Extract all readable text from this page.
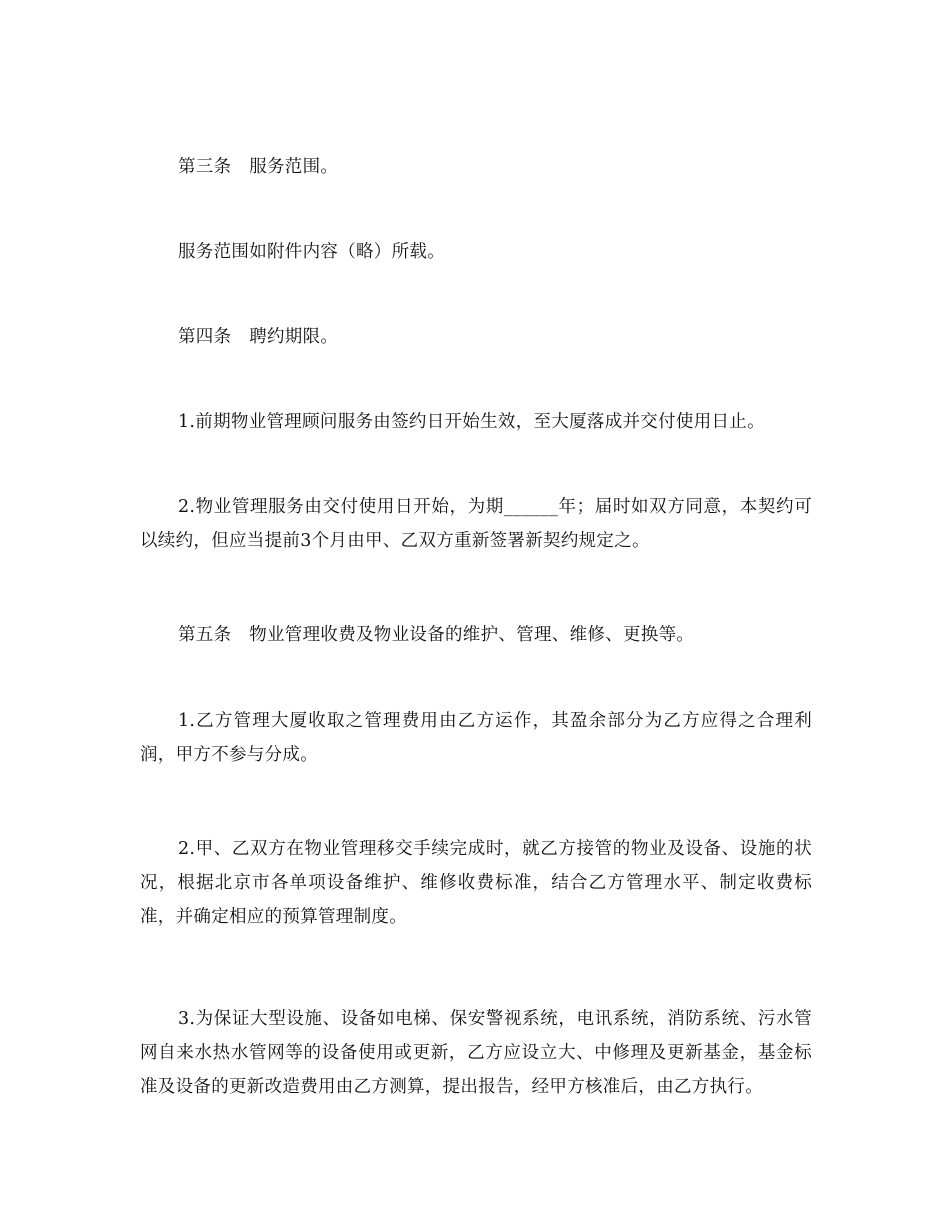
第三条　服务范围。

服务范围如附件内容（略）所载。

第四条　聘约期限。

1.前期物业管理顾问服务由签约日开始生效，至大厦落成并交付使用日止。

2.物业管理服务由交付使用日开始，为期______年；届时如双方同意，本契约可以续约，但应当提前3个月由甲、乙双方重新签署新契约规定之。

第五条　物业管理收费及物业设备的维护、管理、维修、更换等。

1.乙方管理大厦收取之管理费用由乙方运作，其盈余部分为乙方应得之合理利润，甲方不参与分成。

2.甲、乙双方在物业管理移交手续完成时，就乙方接管的物业及设备、设施的状况，根据北京市各单项设备维护、维修收费标准，结合乙方管理水平、制定收费标准，并确定相应的预算管理制度。

3.为保证大型设施、设备如电梯、保安警视系统，电讯系统，消防系统、污水管网自来水热水管网等的设备使用或更新，乙方应设立大、中修理及更新基金，基金标准及设备的更新改造费用由乙方测算，提出报告，经甲方核准后，由乙方执行。
